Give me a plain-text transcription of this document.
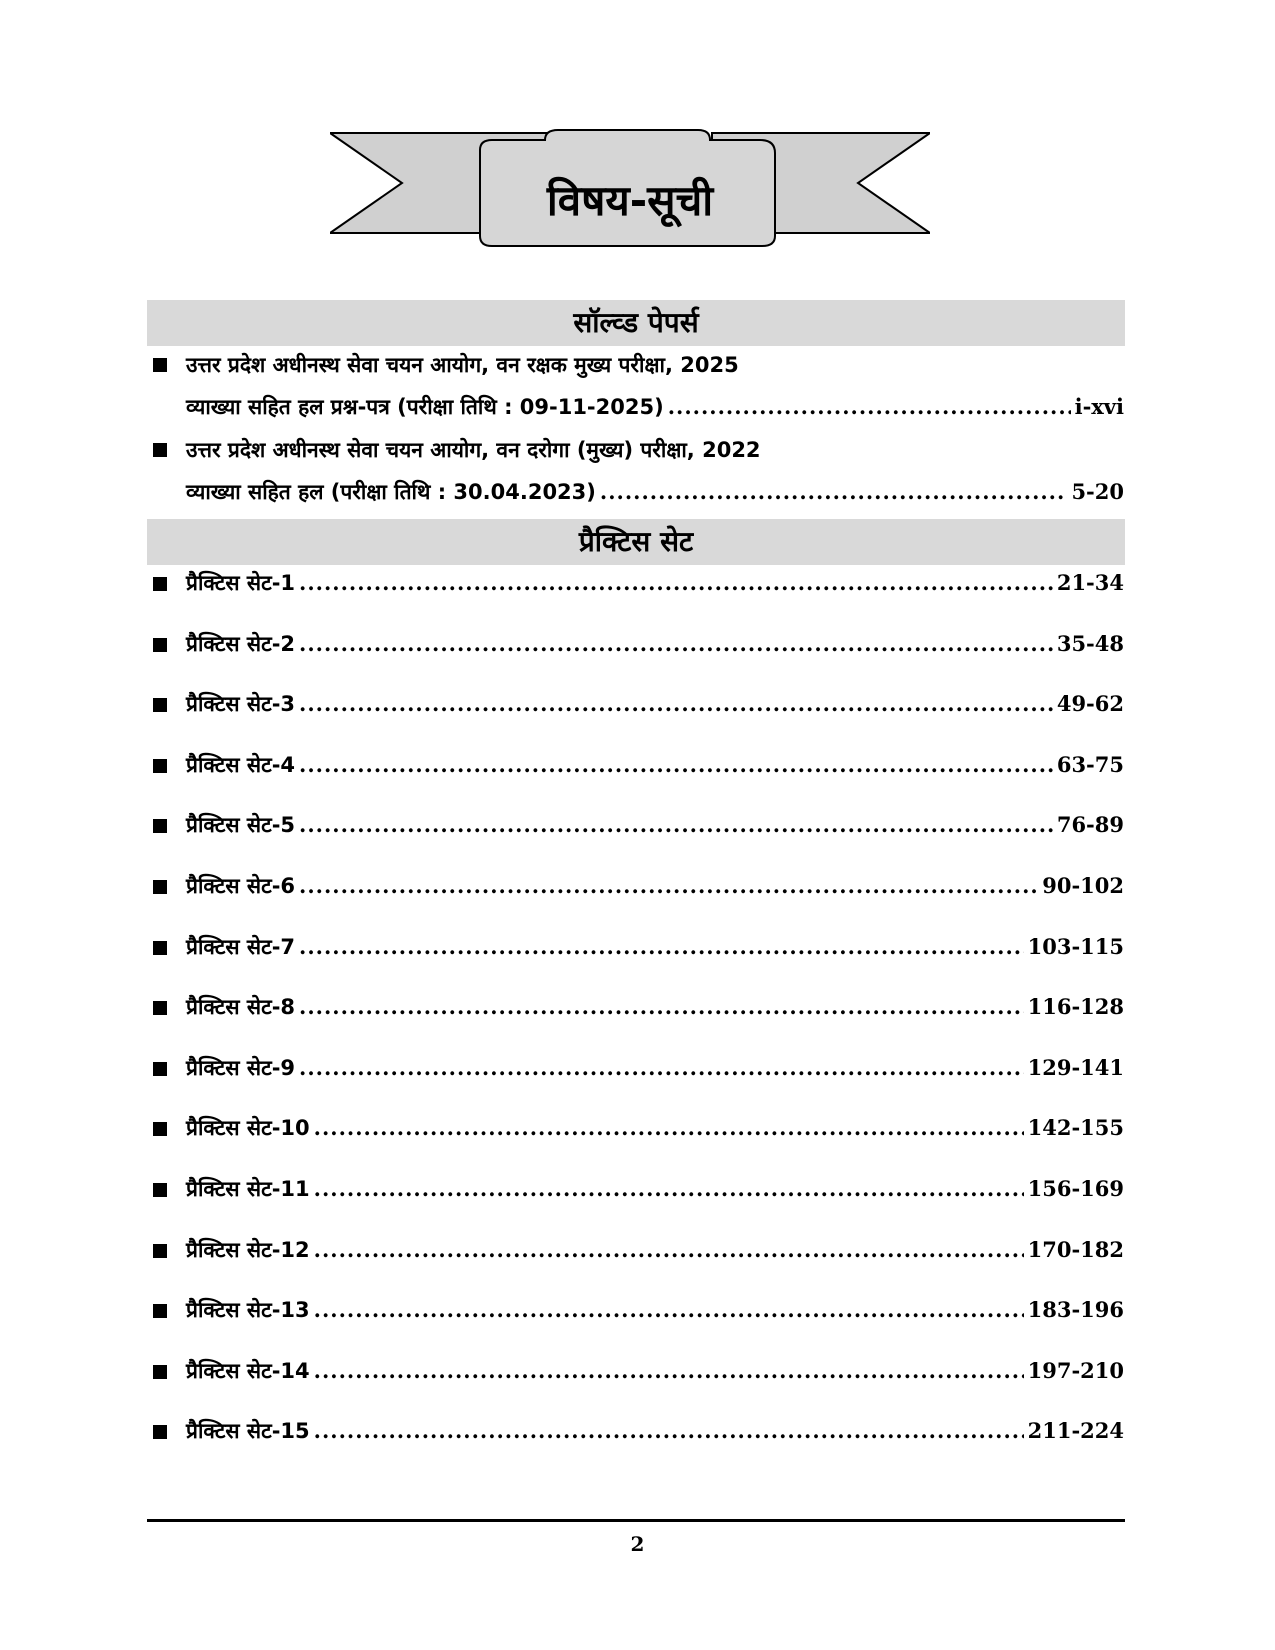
विषय-सूची
सॉल्व्ड पेपर्स
उत्तर प्रदेश अधीनस्थ सेवा चयन आयोग, वन रक्षक मुख्य परीक्षा, 2025
व्याख्या सहित हल प्रश्न-पत्र (परीक्षा तिथि : 09-11-2025) .....	i-xvi
उत्तर प्रदेश अधीनस्थ सेवा चयन आयोग, वन दरोगा (मुख्य) परीक्षा, 2022
व्याख्या सहित हल (परीक्षा तिथि : 30.04.2023) .....	5-20
प्रैक्टिस सेट
प्रैक्टिस सेट-1 .....	21-34
प्रैक्टिस सेट-2 .....	35-48
प्रैक्टिस सेट-3 .....	49-62
प्रैक्टिस सेट-4 .....	63-75
प्रैक्टिस सेट-5 .....	76-89
प्रैक्टिस सेट-6 .....	90-102
प्रैक्टिस सेट-7 .....	103-115
प्रैक्टिस सेट-8 .....	116-128
प्रैक्टिस सेट-9 .....	129-141
प्रैक्टिस सेट-10 .....	142-155
प्रैक्टिस सेट-11 .....	156-169
प्रैक्टिस सेट-12 .....	170-182
प्रैक्टिस सेट-13 .....	183-196
प्रैक्टिस सेट-14 .....	197-210
प्रैक्टिस सेट-15 .....	211-224
2
